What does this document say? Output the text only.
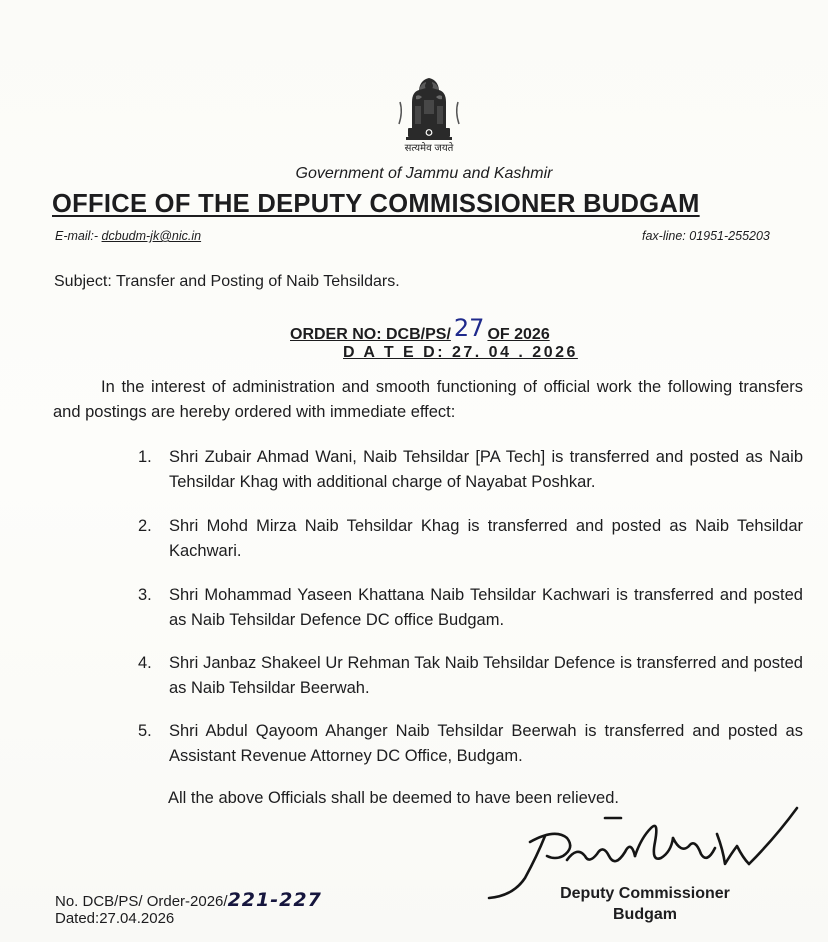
सत्यमेव जयते
Government of Jammu and Kashmir
OFFICE OF THE DEPUTY COMMISSIONER BUDGAM
E-mail:- dcbudm-jk@nic.in	fax-line: 01951-255203
Subject: Transfer and Posting of Naib Tehsildars.
ORDER NO: DCB/PS/ 27 OF 2026
D A T E D: 27. 04 . 2026
In the interest of administration and smooth functioning of official work the following transfers and postings are hereby ordered with immediate effect:
1.	Shri Zubair Ahmad Wani, Naib Tehsildar [PA Tech] is transferred and posted as Naib Tehsildar Khag with additional charge of Nayabat Poshkar.
2.	Shri Mohd Mirza Naib Tehsildar Khag is transferred and posted as Naib Tehsildar Kachwari.
3.	Shri Mohammad Yaseen Khattana Naib Tehsildar Kachwari is transferred and posted as Naib Tehsildar Defence DC office Budgam.
4.	Shri Janbaz Shakeel Ur Rehman Tak Naib Tehsildar Defence is transferred and posted as Naib Tehsildar Beerwah.
5.	Shri Abdul Qayoom Ahanger Naib Tehsildar Beerwah is transferred and posted as Assistant Revenue Attorney DC Office, Budgam.
All the above Officials shall be deemed to have been relieved.
Deputy Commissioner
Budgam
No. DCB/PS/ Order-2026/221-227
Dated:27.04.2026
